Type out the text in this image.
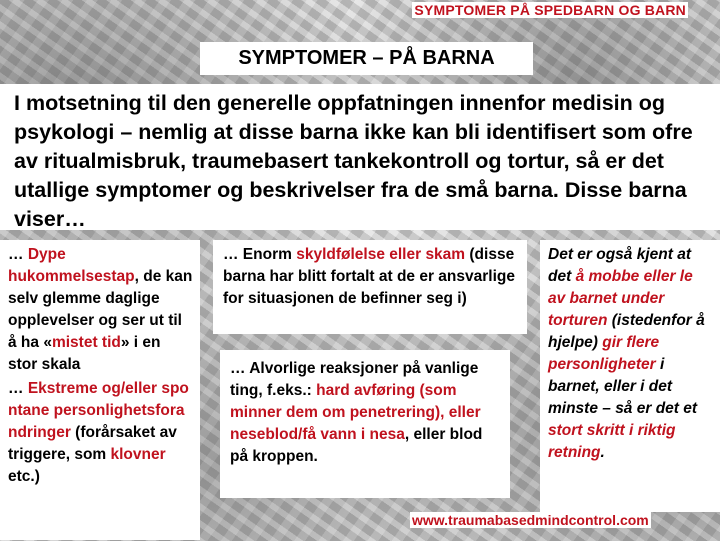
SYMPTOMER PÅ SPEDBARN OG BARN
SYMPTOMER – PÅ BARNA
I motsetning til den generelle oppfatningen innenfor medisin og psykologi – nemlig at disse barna ikke kan bli identifisert som ofre av ritualmisbruk, traumebasert tankekontroll og tortur, så er det utallige symptomer og beskrivelser fra de små barna. Disse barna viser…

… Dype hukommelsestap, de kan selv glemme daglige opplevelser og ser ut til å ha «mistet tid» i en stor skala

… Ekstreme og/eller spontane personlighetsforandringer (forårsaket av triggere, som klovner etc.)

… Enorm skyldfølelse eller skam (disse barna har blitt fortalt at de er ansvarlige for situasjonen de befinner seg i)

… Alvorlige reaksjoner på vanlige ting, f.eks.: hard avføring (som minner dem om penetrering), eller neseblod/få vann i nesa, eller blod på kroppen.

Det er også kjent at det å mobbe eller le av barnet under torturen (istedenfor å hjelpe) gir flere personligheter i barnet, eller i det minste – så er det et stort skritt i riktig retning.

www.traumabasedmindcontrol.com
